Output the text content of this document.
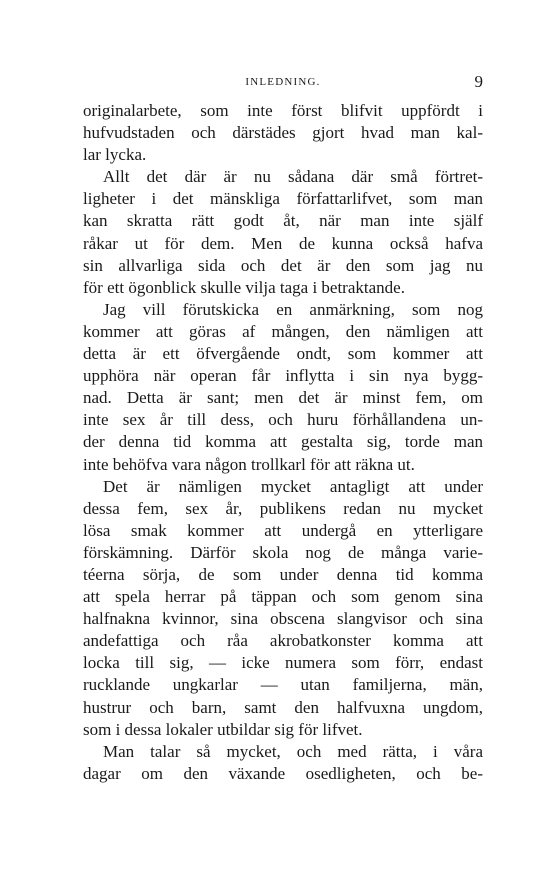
INLEDNING.	9
originalarbete, som inte först blifvit uppfördt i
hufvudstaden och därstädes gjort hvad man kal-
lar lycka.
Allt det där är nu sådana där små förtret-
ligheter i det mänskliga författarlifvet, som man
kan skratta rätt godt åt, när man inte själf
råkar ut för dem. Men de kunna också hafva
sin allvarliga sida och det är den som jag nu
för ett ögonblick skulle vilja taga i betraktande.
Jag vill förutskicka en anmärkning, som nog
kommer att göras af mången, den nämligen att
detta är ett öfvergående ondt, som kommer att
upphöra när operan får inflytta i sin nya bygg-
nad. Detta är sant; men det är minst fem, om
inte sex år till dess, och huru förhållandena un-
der denna tid komma att gestalta sig, torde man
inte behöfva vara någon trollkarl för att räkna ut.
Det är nämligen mycket antagligt att under
dessa fem, sex år, publikens redan nu mycket
lösa smak kommer att undergå en ytterligare
förskämning. Därför skola nog de många varie-
téerna sörja, de som under denna tid komma
att spela herrar på täppan och som genom sina
halfnakna kvinnor, sina obscena slangvisor och sina
andefattiga och råa akrobatkonster komma att
locka till sig, — icke numera som förr, endast
rucklande ungkarlar — utan familjerna, män,
hustrur och barn, samt den halfvuxna ungdom,
som i dessa lokaler utbildar sig för lifvet.
Man talar så mycket, och med rätta, i våra
dagar om den växande osedligheten, och be-
